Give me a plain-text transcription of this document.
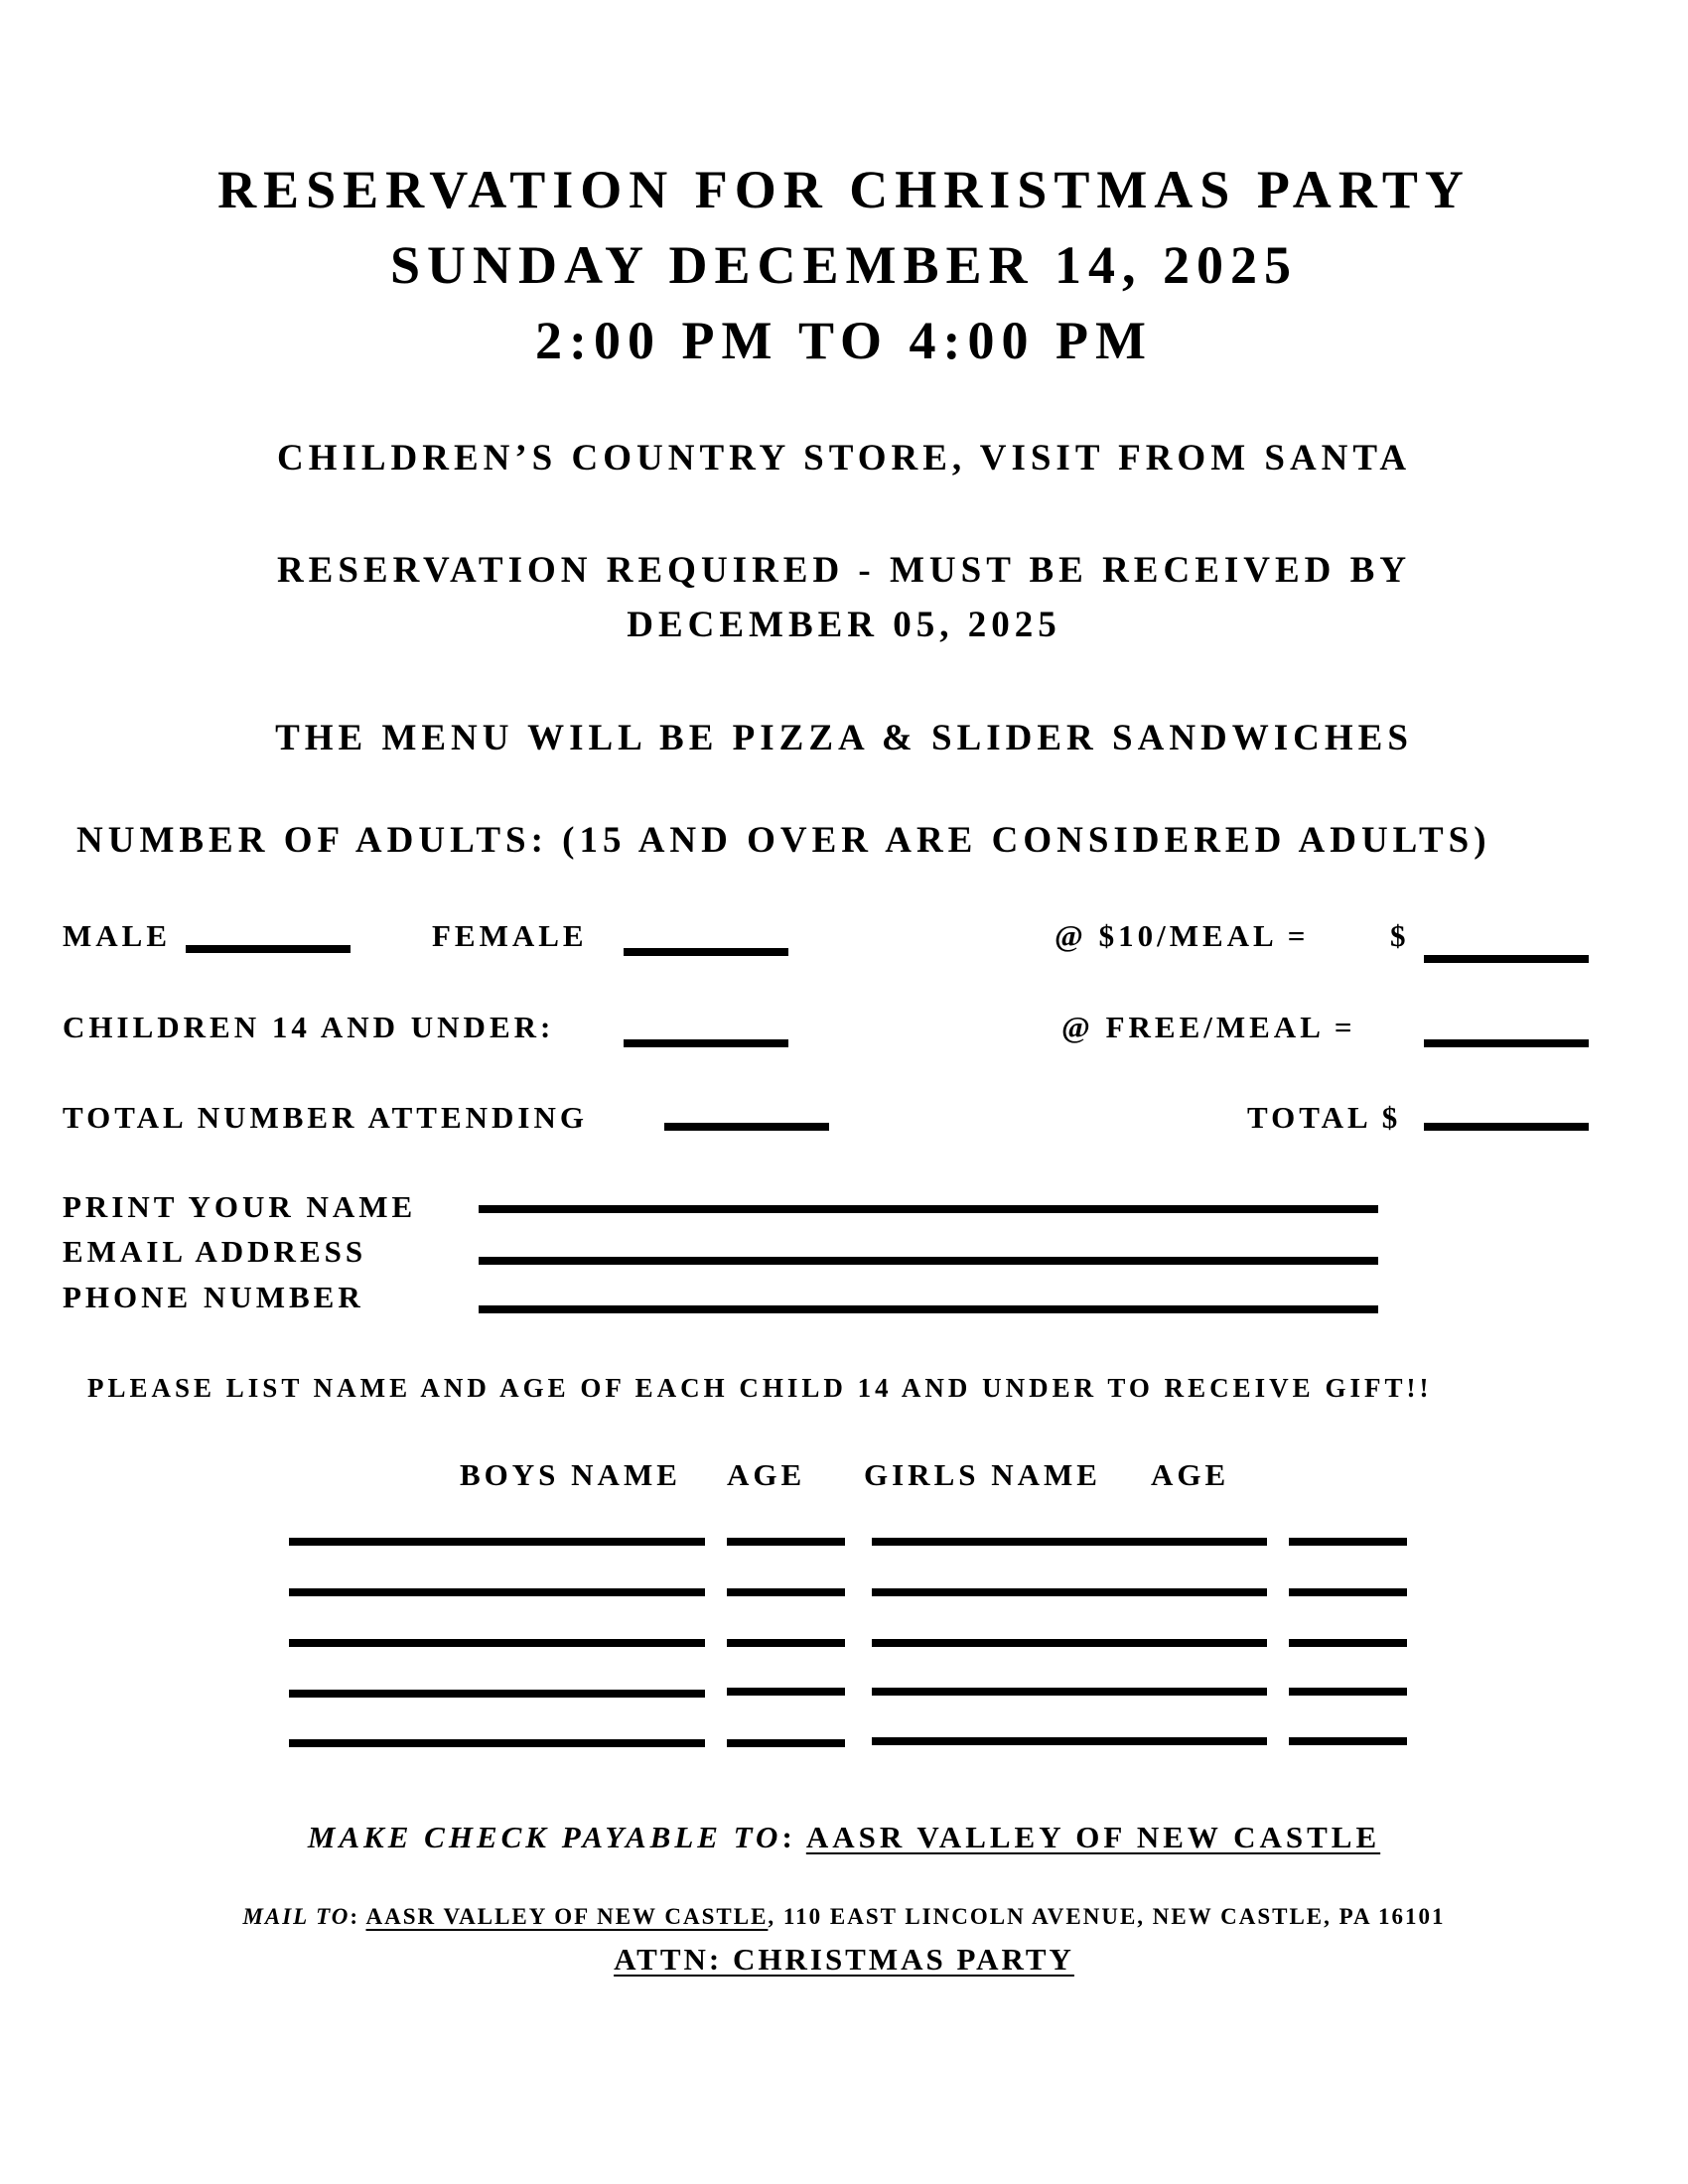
RESERVATION FOR CHRISTMAS PARTY
SUNDAY DECEMBER 14, 2025
2:00 PM TO 4:00 PM
CHILDREN’S COUNTRY STORE, VISIT FROM SANTA
RESERVATION REQUIRED - MUST BE RECEIVED BY
DECEMBER 05, 2025
THE MENU WILL BE PIZZA & SLIDER SANDWICHES
NUMBER OF ADULTS: (15 AND OVER ARE CONSIDERED ADULTS)
MALE	FEMALE	@ $10/MEAL =	$
CHILDREN 14 AND UNDER:	@ FREE/MEAL =
TOTAL NUMBER ATTENDING	TOTAL $
PRINT YOUR NAME
EMAIL ADDRESS
PHONE NUMBER
PLEASE LIST NAME AND AGE OF EACH CHILD 14 AND UNDER TO RECEIVE GIFT!!
BOYS NAME AGE GIRLS NAME AGE
MAKE CHECK PAYABLE TO: AASR VALLEY OF NEW CASTLE
MAIL TO: AASR VALLEY OF NEW CASTLE, 110 EAST LINCOLN AVENUE, NEW CASTLE, PA 16101
ATTN: CHRISTMAS PARTY
